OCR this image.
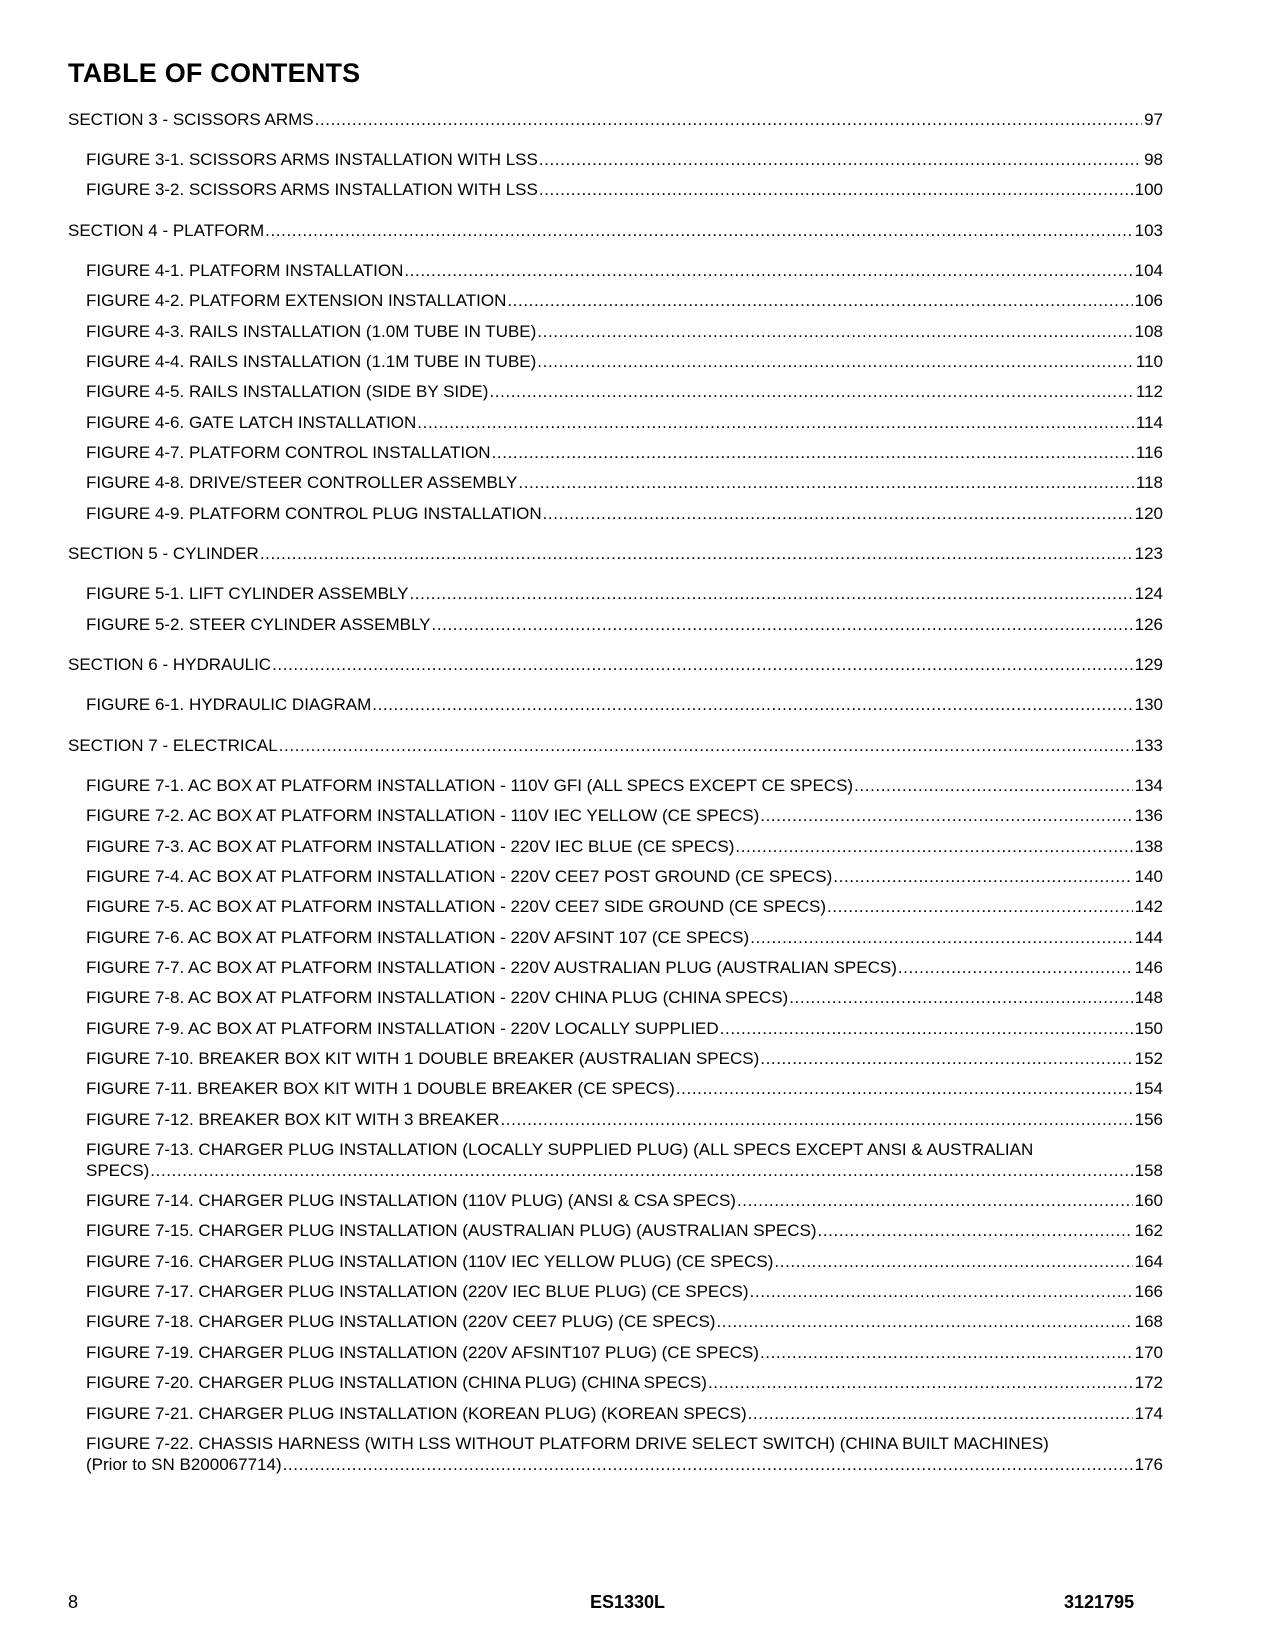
TABLE OF CONTENTS
SECTION 3 - SCISSORS ARMS .....	97
FIGURE 3-1. SCISSORS ARMS INSTALLATION WITH LSS .....	98
FIGURE 3-2. SCISSORS ARMS INSTALLATION WITH LSS .....	100
SECTION 4 - PLATFORM .....	103
FIGURE 4-1. PLATFORM INSTALLATION .....	104
FIGURE 4-2. PLATFORM EXTENSION INSTALLATION .....	106
FIGURE 4-3. RAILS INSTALLATION (1.0M TUBE IN TUBE) .....	108
FIGURE 4-4. RAILS INSTALLATION (1.1M TUBE IN TUBE) .....	110
FIGURE 4-5. RAILS INSTALLATION (SIDE BY SIDE) .....	112
FIGURE 4-6. GATE LATCH INSTALLATION .....	114
FIGURE 4-7. PLATFORM CONTROL INSTALLATION .....	116
FIGURE 4-8. DRIVE/STEER CONTROLLER ASSEMBLY .....	118
FIGURE 4-9. PLATFORM CONTROL PLUG INSTALLATION .....	120
SECTION 5 - CYLINDER .....	123
FIGURE 5-1. LIFT CYLINDER ASSEMBLY .....	124
FIGURE 5-2. STEER CYLINDER ASSEMBLY .....	126
SECTION 6 - HYDRAULIC .....	129
FIGURE 6-1. HYDRAULIC DIAGRAM .....	130
SECTION 7 - ELECTRICAL .....	133
FIGURE 7-1. AC BOX AT PLATFORM INSTALLATION - 110V GFI (ALL SPECS EXCEPT CE SPECS) .....	134
FIGURE 7-2. AC BOX AT PLATFORM INSTALLATION - 110V IEC YELLOW (CE SPECS) .....	136
FIGURE 7-3. AC BOX AT PLATFORM INSTALLATION - 220V IEC BLUE (CE SPECS) .....	138
FIGURE 7-4. AC BOX AT PLATFORM INSTALLATION - 220V CEE7 POST GROUND (CE SPECS) .....	140
FIGURE 7-5. AC BOX AT PLATFORM INSTALLATION - 220V CEE7 SIDE GROUND (CE SPECS) .....	142
FIGURE 7-6. AC BOX AT PLATFORM INSTALLATION - 220V AFSINT 107 (CE SPECS) .....	144
FIGURE 7-7. AC BOX AT PLATFORM INSTALLATION - 220V AUSTRALIAN PLUG (AUSTRALIAN SPECS) .....	146
FIGURE 7-8. AC BOX AT PLATFORM INSTALLATION - 220V CHINA PLUG (CHINA SPECS) .....	148
FIGURE 7-9. AC BOX AT PLATFORM INSTALLATION - 220V LOCALLY SUPPLIED .....	150
FIGURE 7-10. BREAKER BOX KIT WITH 1 DOUBLE BREAKER (AUSTRALIAN SPECS) .....	152
FIGURE 7-11. BREAKER BOX KIT WITH 1 DOUBLE BREAKER (CE SPECS) .....	154
FIGURE 7-12. BREAKER BOX KIT WITH 3 BREAKER .....	156
FIGURE 7-13. CHARGER PLUG INSTALLATION (LOCALLY SUPPLIED PLUG) (ALL SPECS EXCEPT ANSI & AUSTRALIAN
SPECS) .....	158
FIGURE 7-14. CHARGER PLUG INSTALLATION (110V PLUG) (ANSI & CSA SPECS) .....	160
FIGURE 7-15. CHARGER PLUG INSTALLATION (AUSTRALIAN PLUG) (AUSTRALIAN SPECS) .....	162
FIGURE 7-16. CHARGER PLUG INSTALLATION (110V IEC YELLOW PLUG) (CE SPECS) .....	164
FIGURE 7-17. CHARGER PLUG INSTALLATION (220V IEC BLUE PLUG) (CE SPECS) .....	166
FIGURE 7-18. CHARGER PLUG INSTALLATION (220V CEE7 PLUG) (CE SPECS) .....	168
FIGURE 7-19. CHARGER PLUG INSTALLATION (220V AFSINT107 PLUG) (CE SPECS) .....	170
FIGURE 7-20. CHARGER PLUG INSTALLATION (CHINA PLUG) (CHINA SPECS) .....	172
FIGURE 7-21. CHARGER PLUG INSTALLATION (KOREAN PLUG) (KOREAN SPECS) .....	174
FIGURE 7-22. CHASSIS HARNESS (WITH LSS WITHOUT PLATFORM DRIVE SELECT SWITCH) (CHINA BUILT MACHINES)
(Prior to SN B200067714) .....	176
8	ES1330L	3121795
